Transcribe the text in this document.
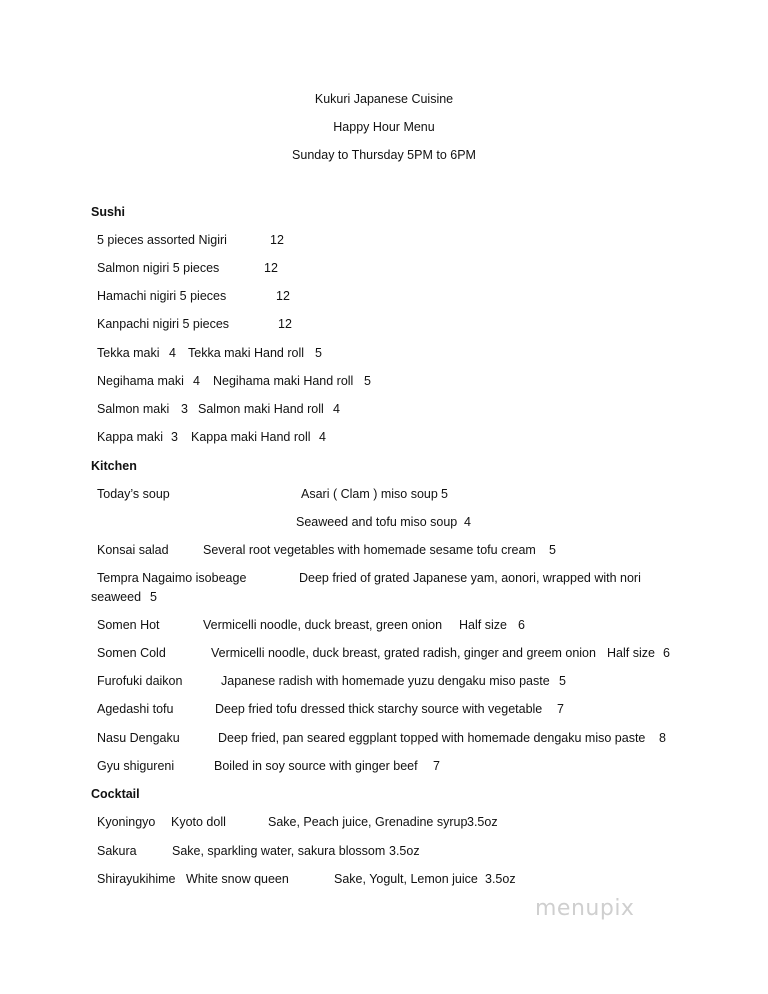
Kukuri Japanese Cuisine
Happy Hour Menu
Sunday to Thursday 5PM to 6PM
Sushi
5 pieces assorted Nigiri	12
Salmon nigiri 5 pieces	12
Hamachi nigiri 5 pieces	12
Kanpachi nigiri 5 pieces	12
Tekka maki 4 Tekka maki Hand roll 5
Negihama maki 4 Negihama maki Hand roll 5
Salmon maki 3 Salmon maki Hand roll 4
Kappa maki 3 Kappa maki Hand roll 4
Kitchen
Today’s soup	Asari ( Clam ) miso soup 5
Seaweed and tofu miso soup 4
Konsai salad	Several root vegetables with homemade sesame tofu cream 5
Tempra Nagaimo isobeage	Deep fried of grated Japanese yam, aonori, wrapped with nori
seaweed 5
Somen Hot	Vermicelli noodle, duck breast, green onion Half size 6
Somen Cold	Vermicelli noodle, duck breast, grated radish, ginger and greem onion Half size 6
Furofuki daikon	Japanese radish with homemade yuzu dengaku miso paste 5
Agedashi tofu	Deep fried tofu dressed thick starchy source with vegetable 7
Nasu Dengaku	Deep fried, pan seared eggplant topped with homemade dengaku miso paste 8
Gyu shigureni	Boiled in soy source with ginger beef 7
Cocktail
Kyoningyo Kyoto doll	Sake, Peach juice, Grenadine syrup 3.5oz
Sakura	Sake, sparkling water, sakura blossom 3.5oz
Shirayukihime White snow queen	Sake, Yogult, Lemon juice 3.5oz
menupix
